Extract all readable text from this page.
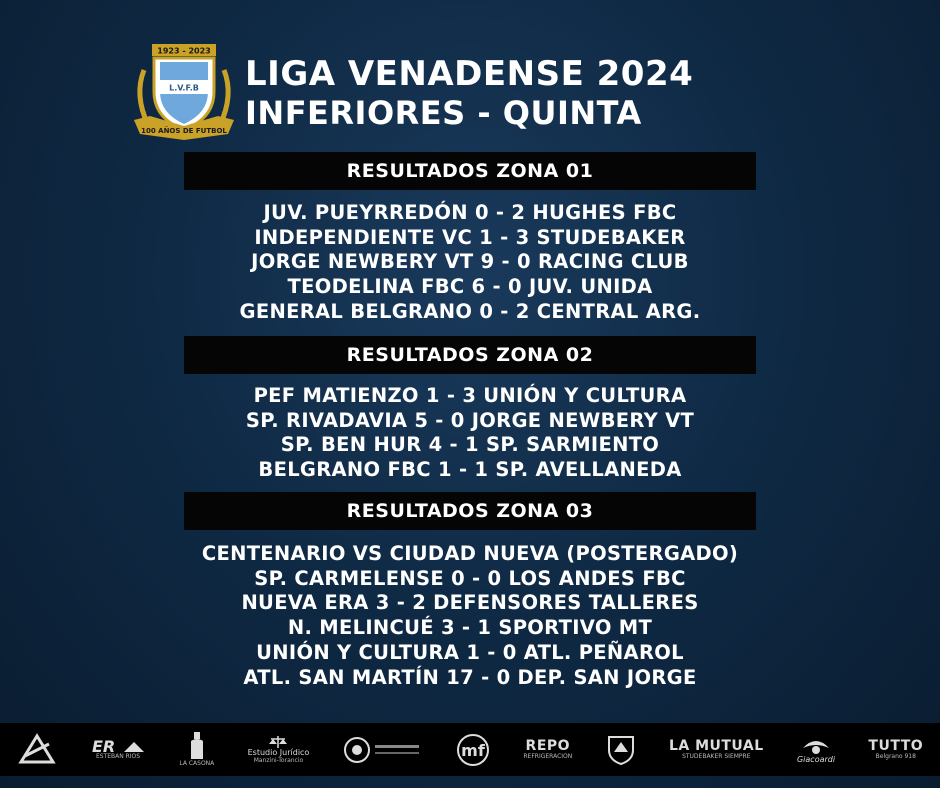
1923 - 2023
L.V.F.B
100 AÑOS DE FUTBOL
LIGA VENADENSE 2024
INFERIORES - QUINTA
RESULTADOS ZONA 01
JUV. PUEYRREDÓN 0 - 2 HUGHES FBC
INDEPENDIENTE VC 1 - 3 STUDEBAKER
JORGE NEWBERY VT 9 - 0 RACING CLUB
TEODELINA FBC 6 - 0 JUV. UNIDA
GENERAL BELGRANO 0 - 2 CENTRAL ARG.
RESULTADOS ZONA 02
PEF MATIENZO 1 - 3 UNIÓN Y CULTURA
SP. RIVADAVIA 5 - 0 JORGE NEWBERY VT
SP. BEN HUR 4 - 1 SP. SARMIENTO
BELGRANO FBC 1 - 1 SP. AVELLANEDA
RESULTADOS ZONA 03
CENTENARIO VS CIUDAD NUEVA (POSTERGADO)
SP. CARMELENSE 0 - 0 LOS ANDES FBC
NUEVA ERA 3 - 2 DEFENSORES TALLERES
N. MELINCUÉ 3 - 1 SPORTIVO MT
UNIÓN Y CULTURA 1 - 0 ATL. PEÑAROL
ATL. SAN MARTÍN 17 - 0 DEP. SAN JORGE
ER
ESTEBAN RIOS
LA CASONA
Estudio Jurídico
Manzini-Torancio
mf	REPO
REFRIGERACION
LA MUTUAL
STUDEBAKER SIEMPRE	Giacoardi
TUTTO
Belgrano 918
